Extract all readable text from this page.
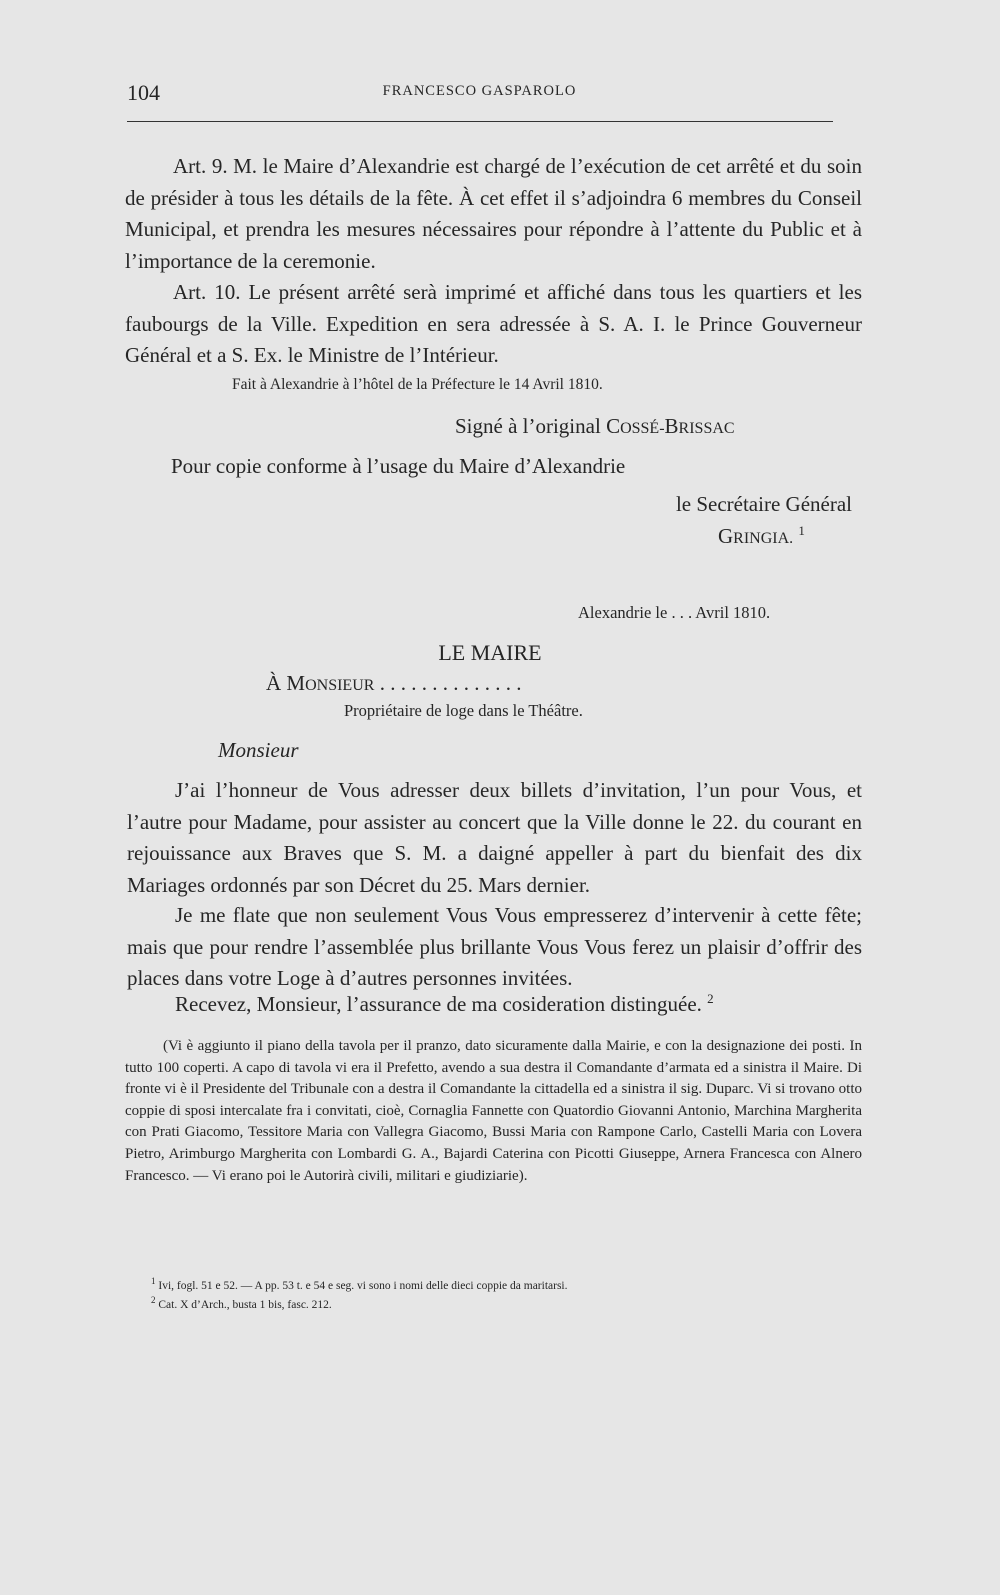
104	FRANCESCO GASPAROLO

Art. 9. M. le Maire d’Alexandrie est chargé de l’exécution de cet arrêté et du soin de présider à tous les détails de la fête. À cet effet il s’adjoindra 6 membres du Conseil Municipal, et prendra les mesures nécessaires pour répondre à l’attente du Public et à l’importance de la ceremonie.

Art. 10. Le présent arrêté serà imprimé et affiché dans tous les quartiers et les faubourgs de la Ville. Expedition en sera adressée à S. A. I. le Prince Gouverneur Général et a S. Ex. le Ministre de l’Intérieur.

Fait à Alexandrie à l’hôtel de la Préfecture le 14 Avril 1810.
Signé à l’original COSSÉ-BRISSAC
Pour copie conforme à l’usage du Maire d’Alexandrie
le Secrétaire Général
GRINGIA. $^1$
Alexandrie le . . . Avril 1810.
LE MAIRE
À MONSIEUR . . . . . . . . . . . . . .
Propriétaire de loge dans le Théâtre.
Monsieur

J’ai l’honneur de Vous adresser deux billets d’invitation, l’un pour Vous, et l’autre pour Madame, pour assister au concert que la Ville donne le 22. du courant en rejouissance aux Braves que S. M. a daigné appeller à part du bienfait des dix Mariages ordonnés par son Décret du 25. Mars dernier.

Je me flate que non seulement Vous Vous empresserez d’intervenir à cette fête; mais que pour rendre l’assemblée plus brillante Vous Vous ferez un plaisir d’offrir des places dans votre Loge à d’autres personnes invitées.

Recevez, Monsieur, l’assurance de ma cosideration distinguée. $^2$

(Vi è aggiunto il piano della tavola per il pranzo, dato sicuramente dalla Mairie, e con la designazione dei posti. In tutto 100 coperti. A capo di tavola vi era il Prefetto, avendo a sua destra il Comandante d’armata ed a sinistra il Maire. Di fronte vi è il Presidente del Tribunale con a destra il Comandante la cittadella ed a sinistra il sig. Duparc. Vi si trovano otto coppie di sposi intercalate fra i convitati, cioè, Cornaglia Fannette con Quatordio Giovanni Antonio, Marchina Margherita con Prati Giacomo, Tessitore Maria con Vallegra Giacomo, Bussi Maria con Rampone Carlo, Castelli Maria con Lovera Pietro, Arimburgo Margherita con Lombardi G. A., Bajardi Caterina con Picotti Giuseppe, Arnera Francesca con Alnero Francesco. — Vi erano poi le Autorirà civili, militari e giudiziarie).

$^1$ Ivi, fogl. 51 e 52. — A pp. 53 t. e 54 e seg. vi sono i nomi delle dieci coppie da maritarsi.
$^2$ Cat. X d’Arch., busta 1 bis, fasc. 212.
